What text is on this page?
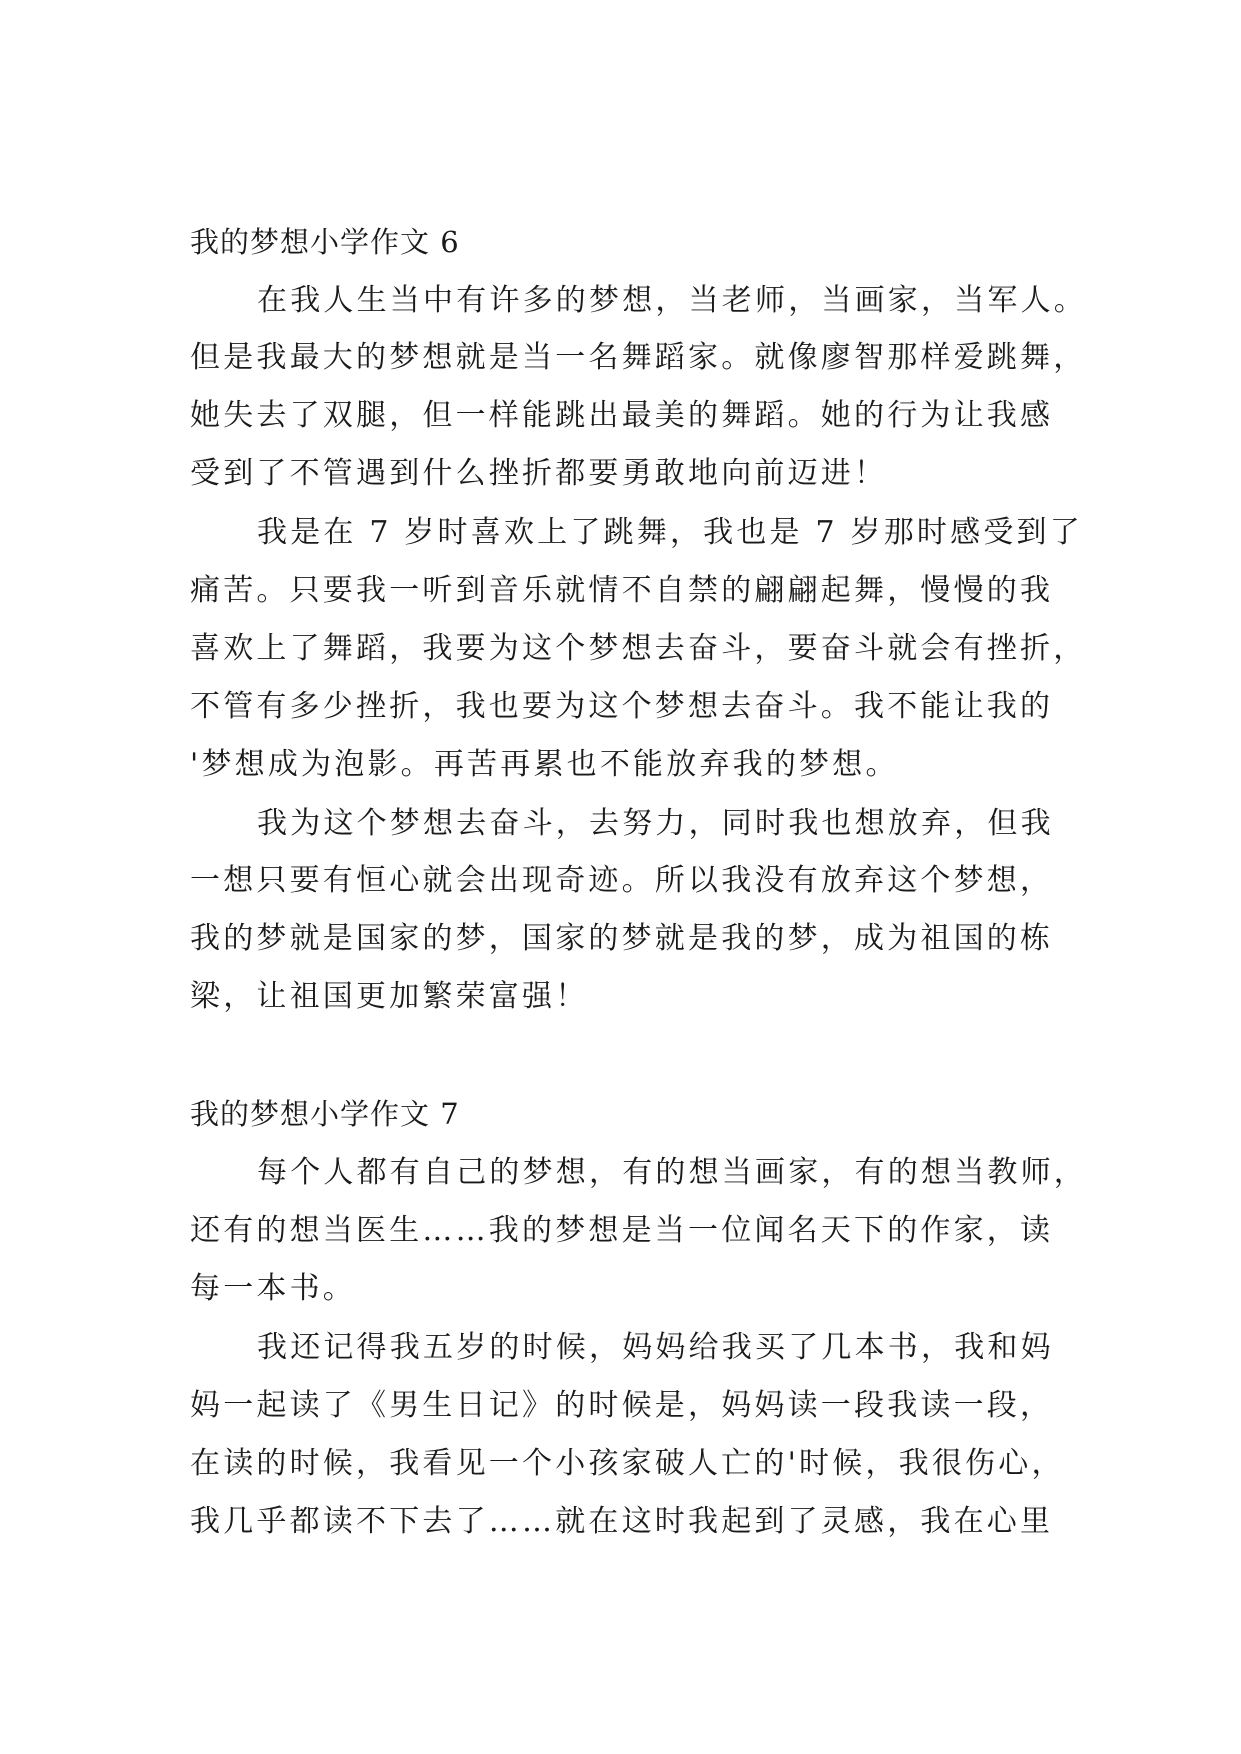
我的梦想小学作文 6

在我人生当中有许多的梦想，当老师，当画家，当军人。

但是我最大的梦想就是当一名舞蹈家。就像廖智那样爱跳舞，

她失去了双腿，但一样能跳出最美的舞蹈。她的行为让我感

受到了不管遇到什么挫折都要勇敢地向前迈进！

我是在 7 岁时喜欢上了跳舞，我也是 7 岁那时感受到了

痛苦。只要我一听到音乐就情不自禁的翩翩起舞，慢慢的我

喜欢上了舞蹈，我要为这个梦想去奋斗，要奋斗就会有挫折，

不管有多少挫折，我也要为这个梦想去奋斗。我不能让我的

'梦想成为泡影。再苦再累也不能放弃我的梦想。

我为这个梦想去奋斗，去努力，同时我也想放弃，但我

一想只要有恒心就会出现奇迹。所以我没有放弃这个梦想，

我的梦就是国家的梦，国家的梦就是我的梦，成为祖国的栋

梁，让祖国更加繁荣富强！

我的梦想小学作文 7

每个人都有自己的梦想，有的想当画家，有的想当教师，

还有的想当医生……我的梦想是当一位闻名天下的作家，读

每一本书。

我还记得我五岁的时候，妈妈给我买了几本书，我和妈

妈一起读了《男生日记》的时候是，妈妈读一段我读一段，

在读的时候，我看见一个小孩家破人亡的'时候，我很伤心，

我几乎都读不下去了……就在这时我起到了灵感，我在心里
